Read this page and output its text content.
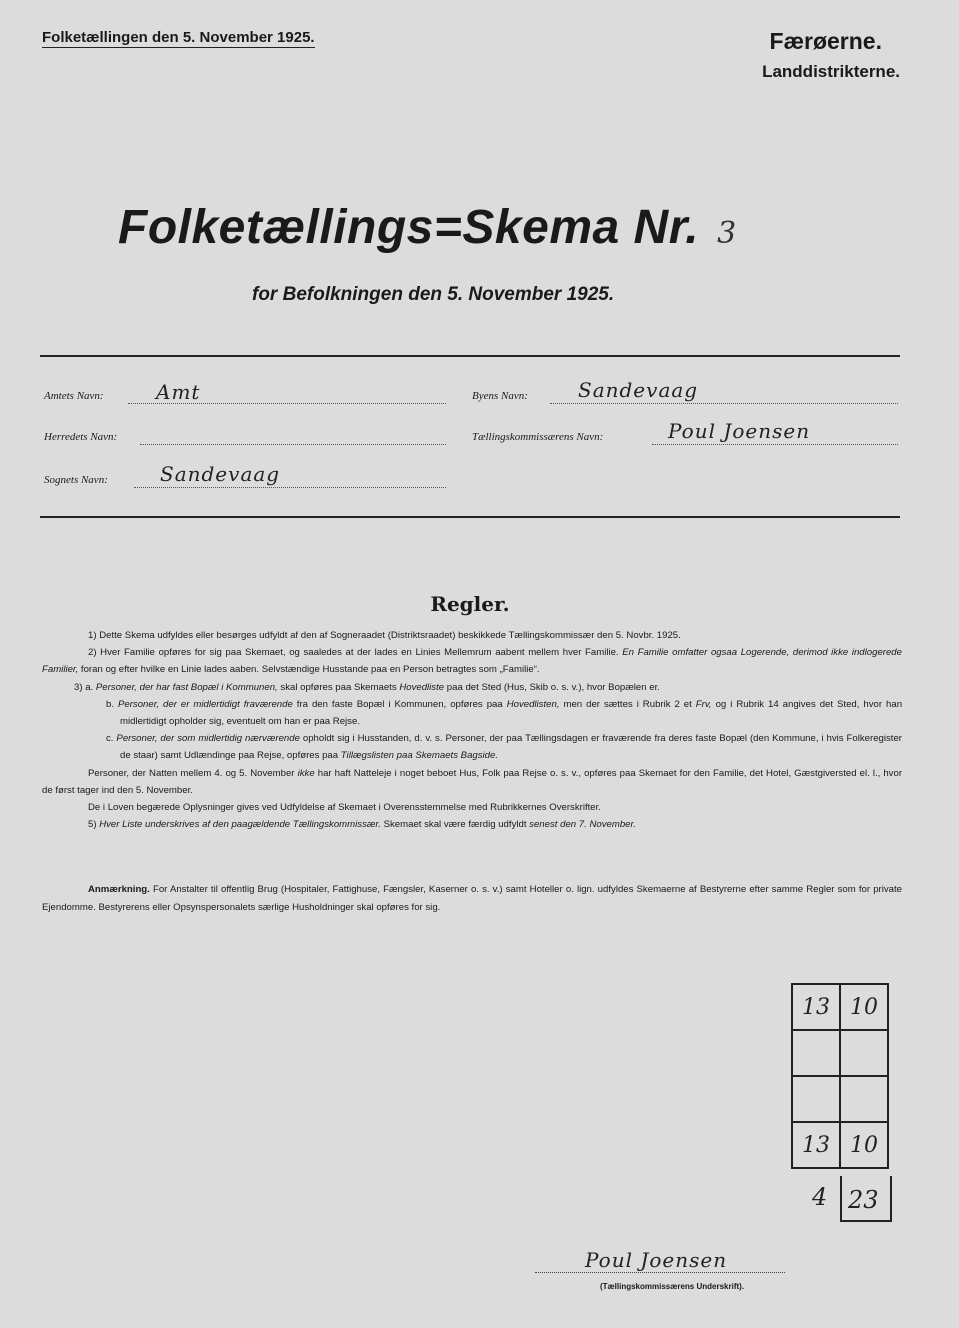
Folketællingen den 5. November 1925.	Færøerne.
Landdistrikterne.
Folketællings=Skema Nr. 3
for Befolkningen den 5. November 1925.
Amtets Navn:	Amt
Herredets Navn:
Sognets Navn:	Sandevaag
Byens Navn:	Sandevaag
Tællingskommissærens Navn:	Poul Joensen
Regler.

1) Dette Skema udfyldes eller besørges udfyldt af den af Sogneraadet (Distriktsraadet) beskikkede Tællingskommissær den 5. Novbr. 1925.

2) Hver Familie opføres for sig paa Skemaet, og saaledes at der lades en Linies Mellemrum aabent mellem hver Familie. En Familie omfatter ogsaa Logerende, derimod ikke indlogerede Familier, foran og efter hvilke en Linie lades aaben. Selvstændige Husstande paa en Person betragtes som „Familie“.

3) a. Personer, der har fast Bopæl i Kommunen, skal opføres paa Skemaets Hovedliste paa det Sted (Hus, Skib o. s. v.), hvor Bopælen er.

b. Personer, der er midlertidigt fraværende fra den faste Bopæl i Kommunen, opføres paa Hovedlisten, men der sættes i Rubrik 2 et Frv, og i Rubrik 14 angives det Sted, hvor han midlertidigt opholder sig, eventuelt om han er paa Rejse.

c. Personer, der som midlertidig nærværende opholdt sig i Husstanden, d. v. s. Personer, der paa Tællingsdagen er fraværende fra deres faste Bopæl (den Kommune, i hvis Folkeregister de staar) samt Udlændinge paa Rejse, opføres paa Tillægslisten paa Skemaets Bagside.

Personer, der Natten mellem 4. og 5. November ikke har haft Natteleje i noget beboet Hus, Folk paa Rejse o. s. v., opføres paa Skemaet for den Familie, det Hotel, Gæstgiversted el. l., hvor de først tager ind den 5. November.

De i Loven begærede Oplysninger gives ved Udfyldelse af Skemaet i Overensstemmelse med Rubrikkernes Overskrifter.

5) Hver Liste underskrives af den paagældende Tællingskommissær. Skemaet skal være færdig udfyldt senest den 7. November.

Anmærkning. For Anstalter til offentlig Brug (Hospitaler, Fattighuse, Fængsler, Kaserner o. s. v.) samt Hoteller o. lign. udfyldes Skemaerne af Bestyrerne efter samme Regler som for private Ejendomme. Bestyrerens eller Opsynspersonalets særlige Husholdninger skal opføres for sig.
13	10

13	10
4 23
Poul Joensen
(Tællingskommissærens Underskrift).
